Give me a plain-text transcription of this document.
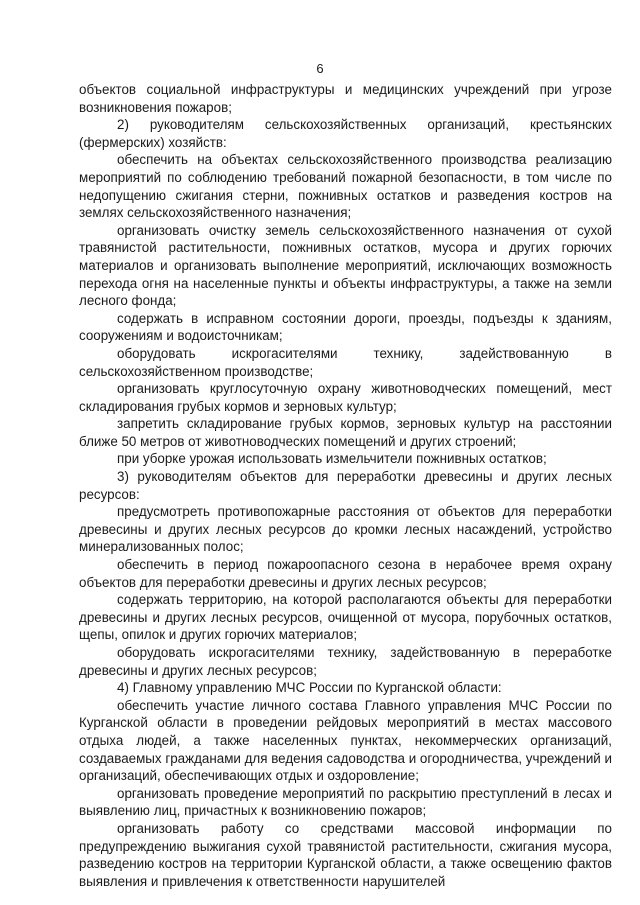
6

объектов социальной инфраструктуры и медицинских учреждений при угрозе возникновения пожаров;

2) руководителям сельскохозяйственных организаций, крестьянских (фермерских) хозяйств:

обеспечить на объектах сельскохозяйственного производства реализацию мероприятий по соблюдению требований пожарной безопасности, в том числе по недопущению сжигания стерни, пожнивных остатков и разведения костров на землях сельскохозяйственного назначения;

организовать очистку земель сельскохозяйственного назначения от сухой травянистой растительности, пожнивных остатков, мусора и других горючих материалов и организовать выполнение мероприятий, исключающих возможность перехода огня на населенные пункты и объекты инфраструктуры, а также на земли лесного фонда;

содержать в исправном состоянии дороги, проезды, подъезды к зданиям, сооружениям и водоисточникам;

оборудовать искрогасителями технику, задействованную в сельскохозяйственном производстве;

организовать круглосуточную охрану животноводческих помещений, мест складирования грубых кормов и зерновых культур;

запретить складирование грубых кормов, зерновых культур на расстоянии ближе 50 метров от животноводческих помещений и других строений;

при уборке урожая использовать измельчители пожнивных остатков;

3) руководителям объектов для переработки древесины и других лесных ресурсов:

предусмотреть противопожарные расстояния от объектов для переработки древесины и других лесных ресурсов до кромки лесных насаждений, устройство минерализованных полос;

обеспечить в период пожароопасного сезона в нерабочее время охрану объектов для переработки древесины и других лесных ресурсов;

содержать территорию, на которой располагаются объекты для переработки древесины и других лесных ресурсов, очищенной от мусора, порубочных остатков, щепы, опилок и других горючих материалов;

оборудовать искрогасителями технику, задействованную в переработке древесины и других лесных ресурсов;

4) Главному управлению МЧС России по Курганской области:

обеспечить участие личного состава Главного управления МЧС России по Курганской области в проведении рейдовых мероприятий в местах массового отдыха людей, а также населенных пунктах, некоммерческих организаций, создаваемых гражданами для ведения садоводства и огородничества, учреждений и организаций, обеспечивающих отдых и оздоровление;

организовать проведение мероприятий по раскрытию преступлений в лесах и выявлению лиц, причастных к возникновению пожаров;

организовать работу со средствами массовой информации по предупреждению выжигания сухой травянистой растительности, сжигания мусора, разведению костров на территории Курганской области, а также освещению фактов выявления и привлечения к ответственности нарушителей
